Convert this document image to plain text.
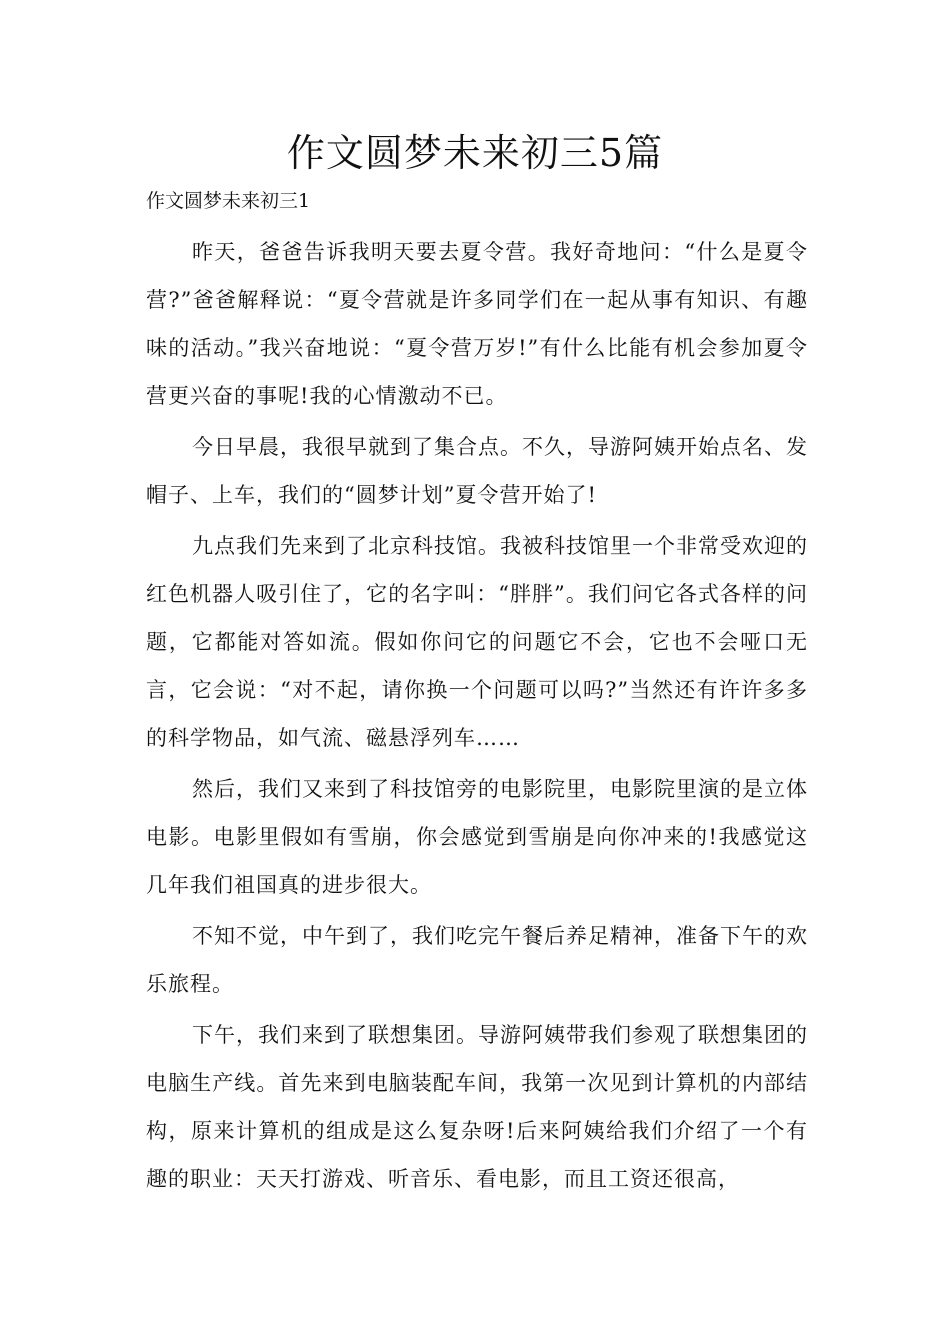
作文圆梦未来初三5篇
作文圆梦未来初三1

昨天，爸爸告诉我明天要去夏令营。我好奇地问：“什么是夏令营?”爸爸解释说：“夏令营就是许多同学们在一起从事有知识、有趣味的活动。”我兴奋地说：“夏令营万岁!”有什么比能有机会参加夏令营更兴奋的事呢!我的心情激动不已。

今日早晨，我很早就到了集合点。不久，导游阿姨开始点名、发帽子、上车，我们的“圆梦计划”夏令营开始了!

九点我们先来到了北京科技馆。我被科技馆里一个非常受欢迎的红色机器人吸引住了，它的名字叫：“胖胖”。我们问它各式各样的问题，它都能对答如流。假如你问它的问题它不会，它也不会哑口无言，它会说：“对不起，请你换一个问题可以吗?”当然还有许许多多的科学物品，如气流、磁悬浮列车……

然后，我们又来到了科技馆旁的电影院里，电影院里演的是立体电影。电影里假如有雪崩，你会感觉到雪崩是向你冲来的!我感觉这几年我们祖国真的进步很大。

不知不觉，中午到了，我们吃完午餐后养足精神，准备下午的欢乐旅程。

下午，我们来到了联想集团。导游阿姨带我们参观了联想集团的电脑生产线。首先来到电脑装配车间，我第一次见到计算机的内部结构，原来计算机的组成是这么复杂呀!后来阿姨给我们介绍了一个有趣的职业：天天打游戏、听音乐、看电影，而且工资还很高，
